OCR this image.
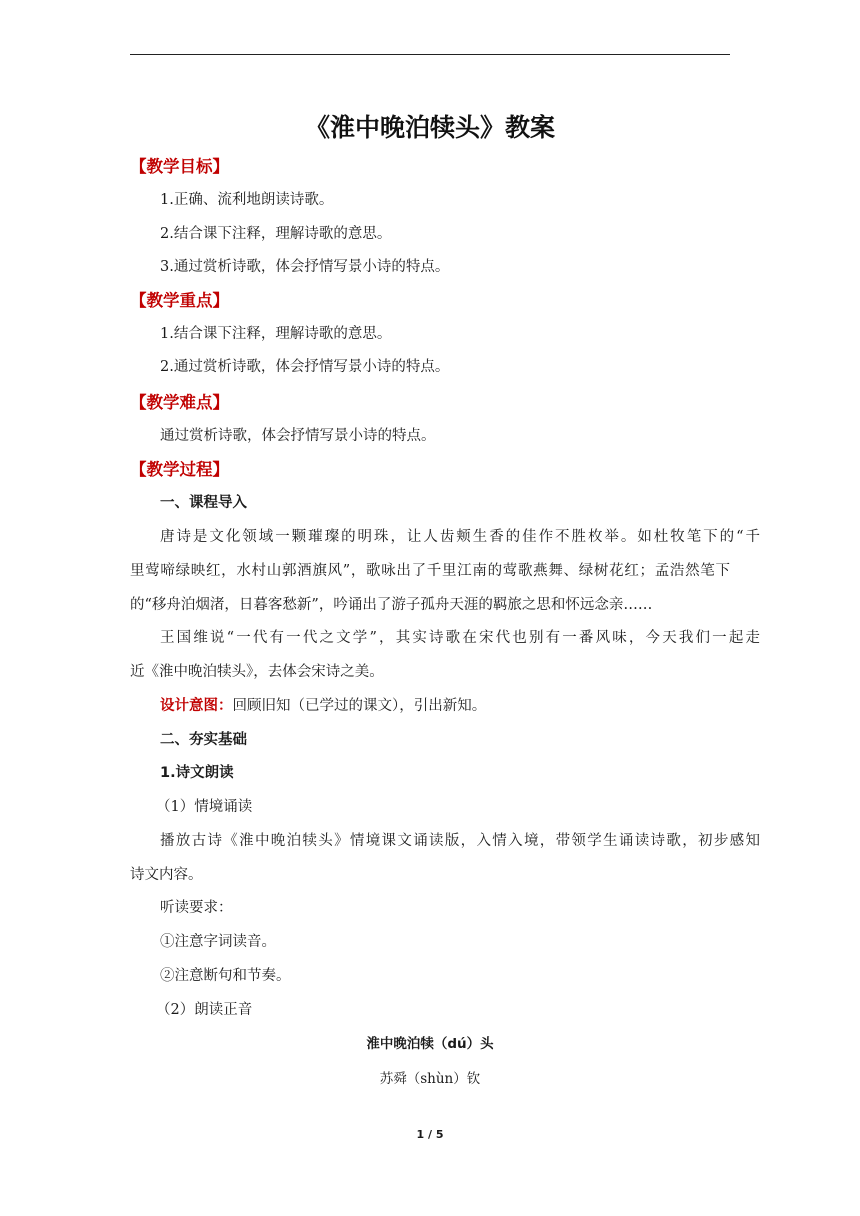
《淮中晚泊犊头》教案
【教学目标】
1.正确、流利地朗读诗歌。
2.结合课下注释，理解诗歌的意思。
3.通过赏析诗歌，体会抒情写景小诗的特点。
【教学重点】
1.结合课下注释，理解诗歌的意思。
2.通过赏析诗歌，体会抒情写景小诗的特点。
【教学难点】
通过赏析诗歌，体会抒情写景小诗的特点。
【教学过程】
一、课程导入
唐诗是文化领域一颗璀璨的明珠，让人齿颊生香的佳作不胜枚举。如杜牧笔下的“千
里莺啼绿映红，水村山郭酒旗风”，歌咏出了千里江南的莺歌燕舞、绿树花红；孟浩然笔下
的“移舟泊烟渚，日暮客愁新”，吟诵出了游子孤舟天涯的羁旅之思和怀远念亲……
王国维说“一代有一代之文学”，其实诗歌在宋代也别有一番风味，今天我们一起走
近《淮中晚泊犊头》，去体会宋诗之美。
设计意图：回顾旧知（已学过的课文），引出新知。
二、夯实基础
1.诗文朗读
（1）情境诵读
播放古诗《淮中晚泊犊头》情境课文诵读版，入情入境，带领学生诵读诗歌，初步感知
诗文内容。
听读要求：
①注意字词读音。
②注意断句和节奏。
（2）朗读正音
淮中晚泊犊（dú）头
苏舜（shùn）钦
1 / 5
